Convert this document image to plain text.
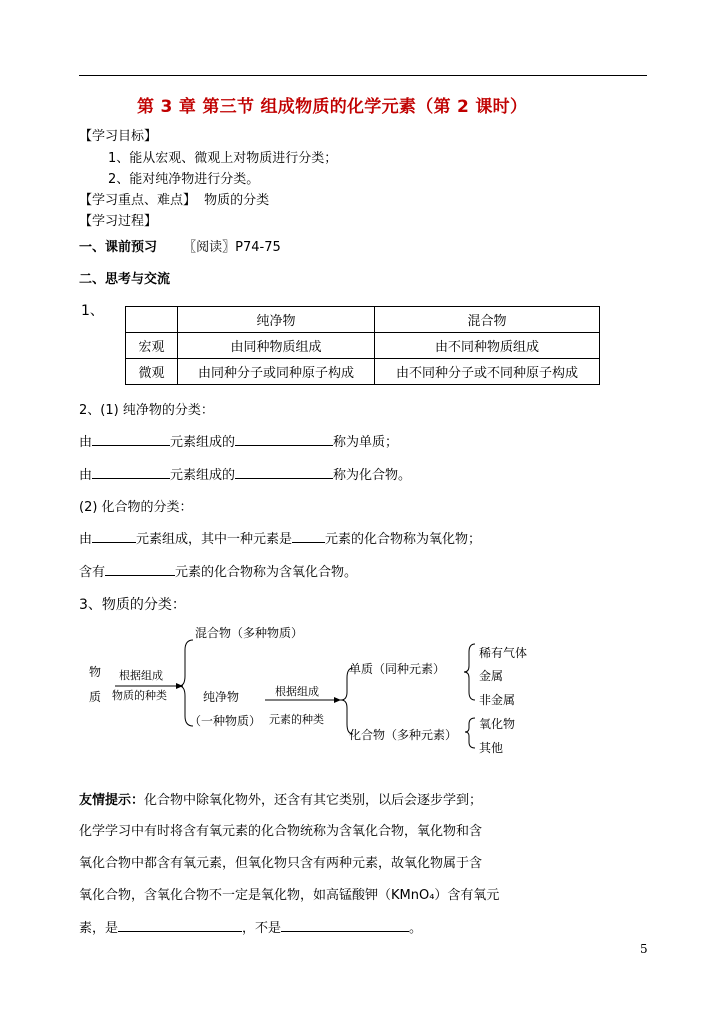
第 3 章 第三节 组成物质的化学元素（第 2 课时）
【学习目标】
1、能从宏观、微观上对物质进行分类；
2、能对纯净物进行分类。
【学习重点、难点】 物质的分类
【学习过程】
一、课前预习 〖阅读〗P74-75
二、思考与交流
1、
	纯净物	混合物
宏观	由同种物质组成	由不同种物质组成
微观	由同种分子或同种原子构成	由不同种分子或不同种原子构成
2、(1) 纯净物的分类：
由	元素组成的	称为单质；
由	元素组成的	称为化合物。
(2) 化合物的分类：
由	元素组成，其中一种元素是	元素的化合物称为氧化物；
含有	元素的化合物称为含氧化合物。
3、物质的分类：
物
质
根据组成
物质的种类
混合物（多种物质）
纯净物
（一种物质）
根据组成
元素的种类
单质（同种元素）
化合物（多种元素）
稀有气体
金属
非金属
氧化物
其他
友情提示：化合物中除氧化物外，还含有其它类别，以后会逐步学到；
化学学习中有时将含有氧元素的化合物统称为含氧化合物，氧化物和含
氧化合物中都含有氧元素，但氧化物只含有两种元素，故氧化物属于含
氧化合物，含氧化合物不一定是氧化物，如高锰酸钾（KMnO₄）含有氧元
素，是	，不是	。
5
